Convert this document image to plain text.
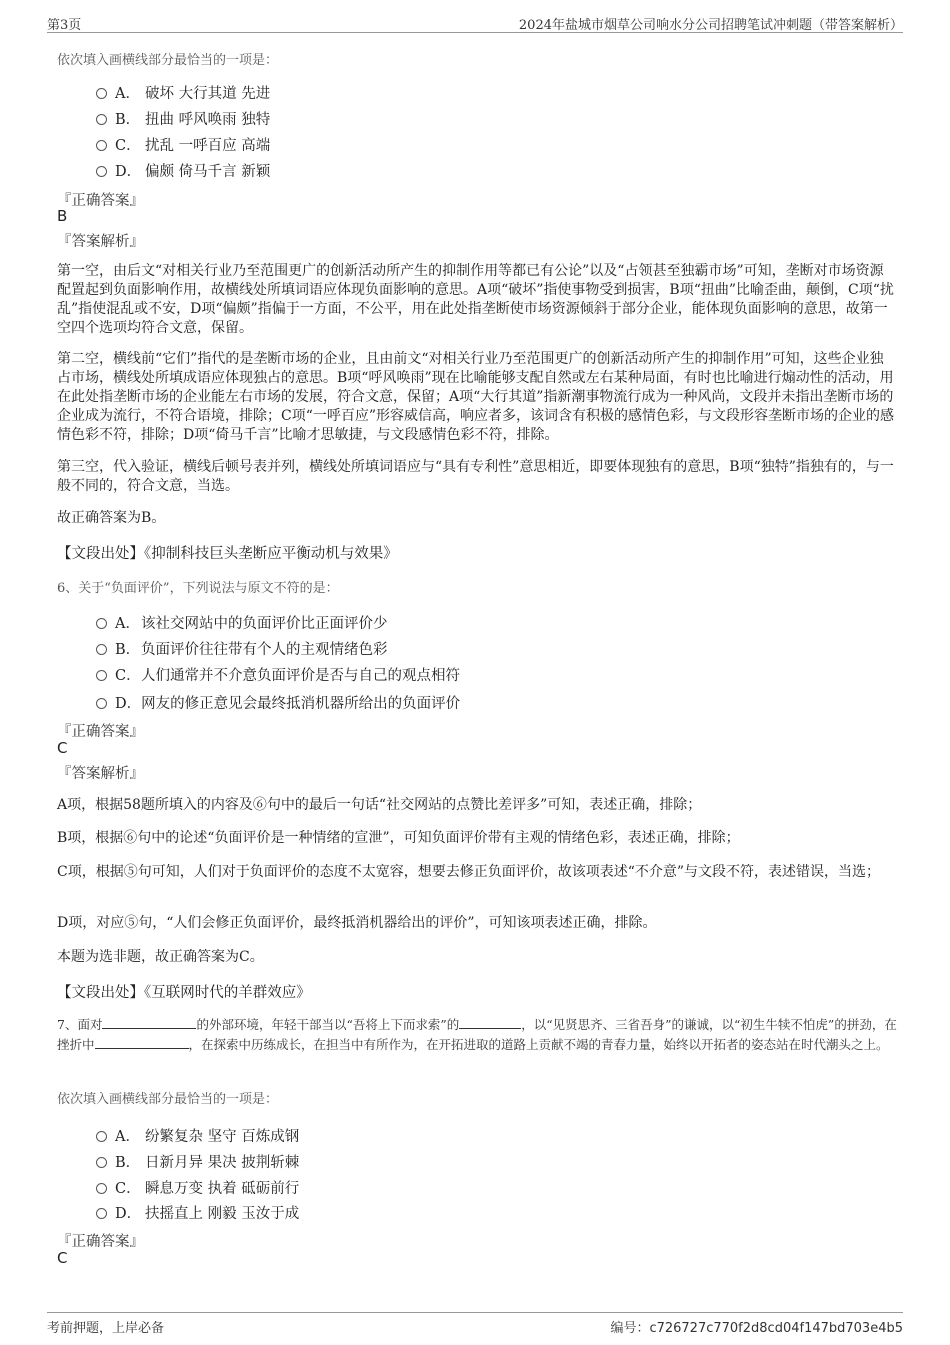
第3页	2024年盐城市烟草公司响水分公司招聘笔试冲刺题（带答案解析）
依次填入画横线部分最恰当的一项是：
A． 破坏 大行其道 先进
B． 扭曲 呼风唤雨 独特
C． 扰乱 一呼百应 高端
D． 偏颇 倚马千言 新颖
『正确答案』
B
『答案解析』
第一空，由后文“对相关行业乃至范围更广的创新活动所产生的抑制作用等都已有公论”以及“占领甚至独霸市场”可知，垄断对市场资源配置起到负面影响作用，故横线处所填词语应体现负面影响的意思。A项“破坏”指使事物受到损害，B项“扭曲”比喻歪曲，颠倒，C项“扰乱”指使混乱或不安，D项“偏颇”指偏于一方面，不公平，用在此处指垄断使市场资源倾斜于部分企业，能体现负面影响的意思，故第一空四个选项均符合文意，保留。
第二空，横线前“它们”指代的是垄断市场的企业，且由前文“对相关行业乃至范围更广的创新活动所产生的抑制作用”可知，这些企业独占市场，横线处所填成语应体现独占的意思。B项“呼风唤雨”现在比喻能够支配自然或左右某种局面，有时也比喻进行煽动性的活动，用在此处指垄断市场的企业能左右市场的发展，符合文意，保留；A项“大行其道”指新潮事物流行成为一种风尚，文段并未指出垄断市场的企业成为流行，不符合语境，排除；C项“一呼百应”形容威信高，响应者多，该词含有积极的感情色彩，与文段形容垄断市场的企业的感情色彩不符，排除；D项“倚马千言”比喻才思敏捷，与文段感情色彩不符，排除。
第三空，代入验证，横线后顿号表并列，横线处所填词语应与“具有专利性”意思相近，即要体现独有的意思，B项“独特”指独有的，与一般不同的，符合文意，当选。
故正确答案为B。
【文段出处】《抑制科技巨头垄断应平衡动机与效果》
6、关于“负面评价”，下列说法与原文不符的是：
A．该社交网站中的负面评价比正面评价少
B．负面评价往往带有个人的主观情绪色彩
C．人们通常并不介意负面评价是否与自己的观点相符
D．网友的修正意见会最终抵消机器所给出的负面评价
『正确答案』
C
『答案解析』
A项，根据58题所填入的内容及⑥句中的最后一句话“社交网站的点赞比差评多”可知，表述正确，排除；
B项，根据⑥句中的论述“负面评价是一种情绪的宣泄”，可知负面评价带有主观的情绪色彩，表述正确，排除；
C项，根据⑤句可知，人们对于负面评价的态度不太宽容，想要去修正负面评价，故该项表述“不介意”与文段不符，表述错误，当选；
D项，对应⑤句，“人们会修正负面评价，最终抵消机器给出的评价”，可知该项表述正确，排除。
本题为选非题，故正确答案为C。
【文段出处】《互联网时代的羊群效应》
7、面对	的外部环境，年轻干部当以“吾将上下而求索”的	，以“见贤思齐、三省吾身”的谦诚，以“初生牛犊不怕虎”的拼劲，在挫折中	，在探索中历练成长，在担当中有所作为，在开拓进取的道路上贡献不竭的青春力量，始终以开拓者的姿态站在时代潮头之上。
依次填入画横线部分最恰当的一项是：
A． 纷繁复杂 坚守 百炼成钢
B． 日新月异 果决 披荆斩棘
C． 瞬息万变 执着 砥砺前行
D． 扶摇直上 刚毅 玉汝于成
『正确答案』
C
考前押题，上岸必备	编号：c726727c770f2d8cd04f147bd703e4b5
